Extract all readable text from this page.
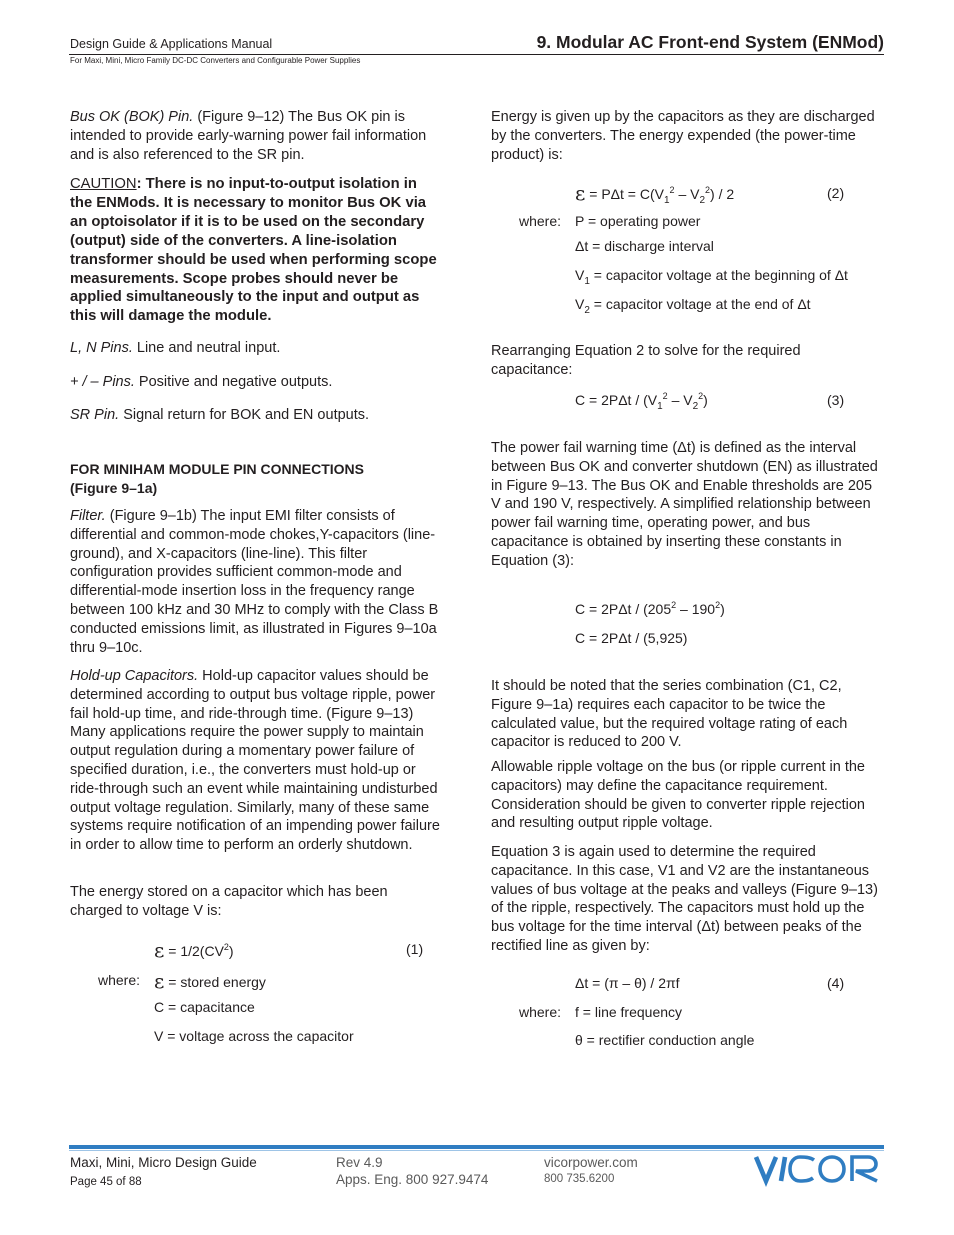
Design Guide & Applications Manual	9. Modular AC Front-end System (ENMod)
For Maxi, Mini, Micro Family DC-DC Converters and Configurable Power Supplies

Bus OK (BOK) Pin. (Figure 9–12) The Bus OK pin is intended to provide early-warning power fail information and is also referenced to the SR pin.

CAUTION: There is no input-to-output isolation in the ENMods. It is necessary to monitor Bus OK via an optoisolator if it is to be used on the secondary (output) side of the converters. A line-isolation transformer should be used when performing scope measurements. Scope probes should never be applied simultaneously to the input and output as this will damage the module.

L, N Pins. Line and neutral input.

+ / – Pins. Positive and negative outputs.

SR Pin. Signal return for BOK and EN outputs.

FOR MINIHAM MODULE PIN CONNECTIONS
(Figure 9–1a)

Filter. (Figure 9–1b) The input EMI filter consists of differential and common-mode chokes,Y-capacitors (line-ground), and X-capacitors (line-line). This filter configuration provides sufficient common-mode and differential-mode insertion loss in the frequency range between 100 kHz and 30 MHz to comply with the Class B conducted emissions limit, as illustrated in Figures 9–10a thru 9–10c.

Hold-up Capacitors. Hold-up capacitor values should be determined according to output bus voltage ripple, power fail hold-up time, and ride-through time. (Figure 9–13) Many applications require the power supply to maintain output regulation during a momentary power failure of specified duration, i.e., the converters must hold-up or ride-through such an event while maintaining undisturbed output voltage regulation. Similarly, many of these same systems require notification of an impending power failure in order to allow time to perform an orderly shutdown.

The energy stored on a capacitor which has been charged to voltage V is:

$\varepsilon = 1/2(CV^2)$	(1)
where: ε = stored energy
C = capacitance
V = voltage across the capacitor

Energy is given up by the capacitors as they are discharged by the converters. The energy expended (the power-time product) is:

$\varepsilon = P\Delta t = C(V_1^2 - V_2^2) / 2$	(2)
where: P = operating power
Δt = discharge interval
$V_1$ = capacitor voltage at the beginning of Δt
$V_2$ = capacitor voltage at the end of Δt

Rearranging Equation 2 to solve for the required capacitance:

$C = 2P\Delta t / (V_1^2 - V_2^2)$	(3)

The power fail warning time (Δt) is defined as the interval between Bus OK and converter shutdown (EN) as illustrated in Figure 9–13. The Bus OK and Enable thresholds are 205 V and 190 V, respectively. A simplified relationship between power fail warning time, operating power, and bus capacitance is obtained by inserting these constants in Equation (3):

$C = 2P\Delta t / (205^2 - 190^2)$
C = 2PΔt / (5,925)

It should be noted that the series combination (C1, C2, Figure 9–1a) requires each capacitor to be twice the calculated value, but the required voltage rating of each capacitor is reduced to 200 V.

Allowable ripple voltage on the bus (or ripple current in the capacitors) may define the capacitance requirement. Consideration should be given to converter ripple rejection and resulting output ripple voltage.

Equation 3 is again used to determine the required capacitance. In this case, V1 and V2 are the instantaneous values of bus voltage at the peaks and valleys (Figure 9–13) of the ripple, respectively. The capacitors must hold up the bus voltage for the time interval (Δt) between peaks of the rectified line as given by:

Δt = (π – θ) / 2πf	(4)
where: f = line frequency
θ = rectifier conduction angle
Maxi, Mini, Micro Design Guide
Page 45 of 88
Rev 4.9
Apps. Eng. 800 927.9474
vicorpower.com
800 735.6200
